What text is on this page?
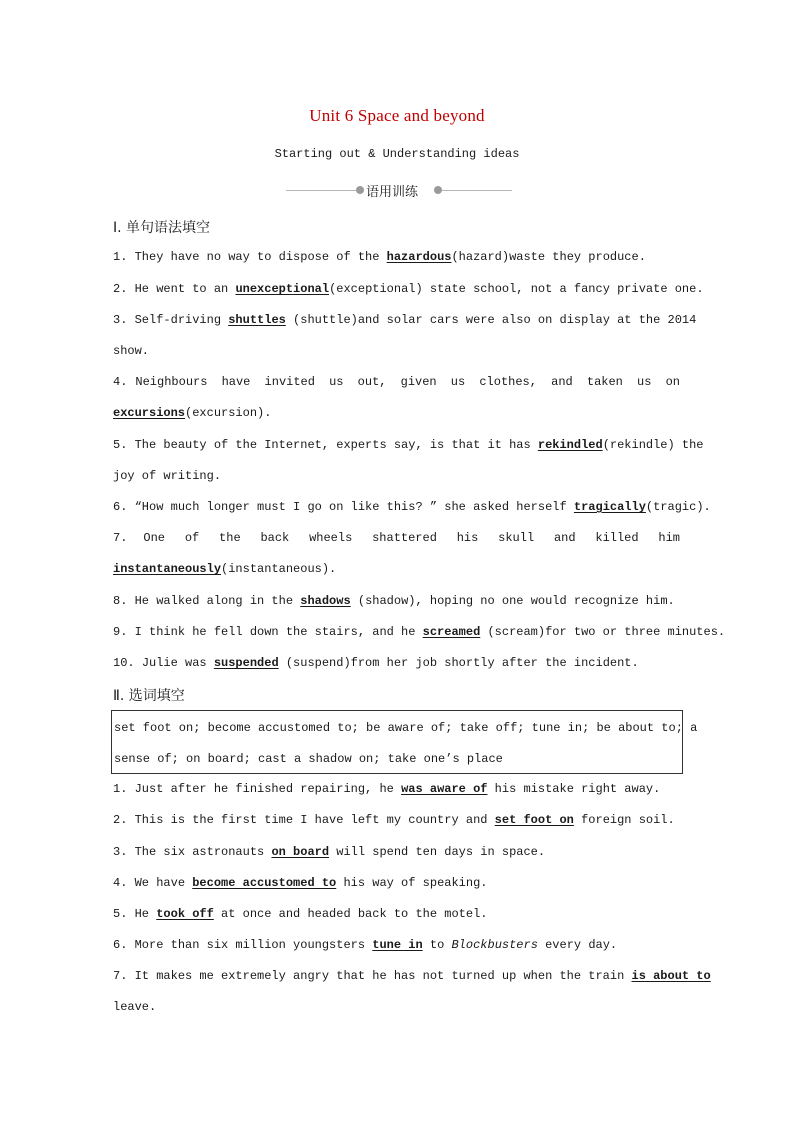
Unit 6 Space and beyond
Starting out & Understanding ideas
语用训练
Ⅰ. 单句语法填空
1. They have no way to dispose of the hazardous(hazard)waste they produce.
2. He went to an unexceptional(exceptional) state school, not a fancy private one.
3. Self-driving shuttles (shuttle)and solar cars were also on display at the 2014
show.
4. Neighbours have invited us out, given us clothes, and taken us on
excursions(excursion).
5. The beauty of the Internet, experts say, is that it has rekindled(rekindle) the
joy of writing.
6. “How much longer must I go on like this? ” she asked herself tragically(tragic).
7. One of the back wheels shattered his skull and killed him
instantaneously(instantaneous).
8. He walked along in the shadows (shadow), hoping no one would recognize him.
9. I think he fell down the stairs, and he screamed (scream)for two or three minutes.
10. Julie was suspended (suspend)from her job shortly after the incident.
Ⅱ. 选词填空
set foot on; become accustomed to; be aware of; take off; tune in; be about to; a
sense of; on board; cast a shadow on; take one’s place
1. Just after he finished repairing, he was aware of his mistake right away.
2. This is the first time I have left my country and set foot on foreign soil.
3. The six astronauts on board will spend ten days in space.
4. We have become accustomed to his way of speaking.
5. He took off at once and headed back to the motel.
6. More than six million youngsters tune in to Blockbusters every day.
7. It makes me extremely angry that he has not turned up when the train is about to
leave.
